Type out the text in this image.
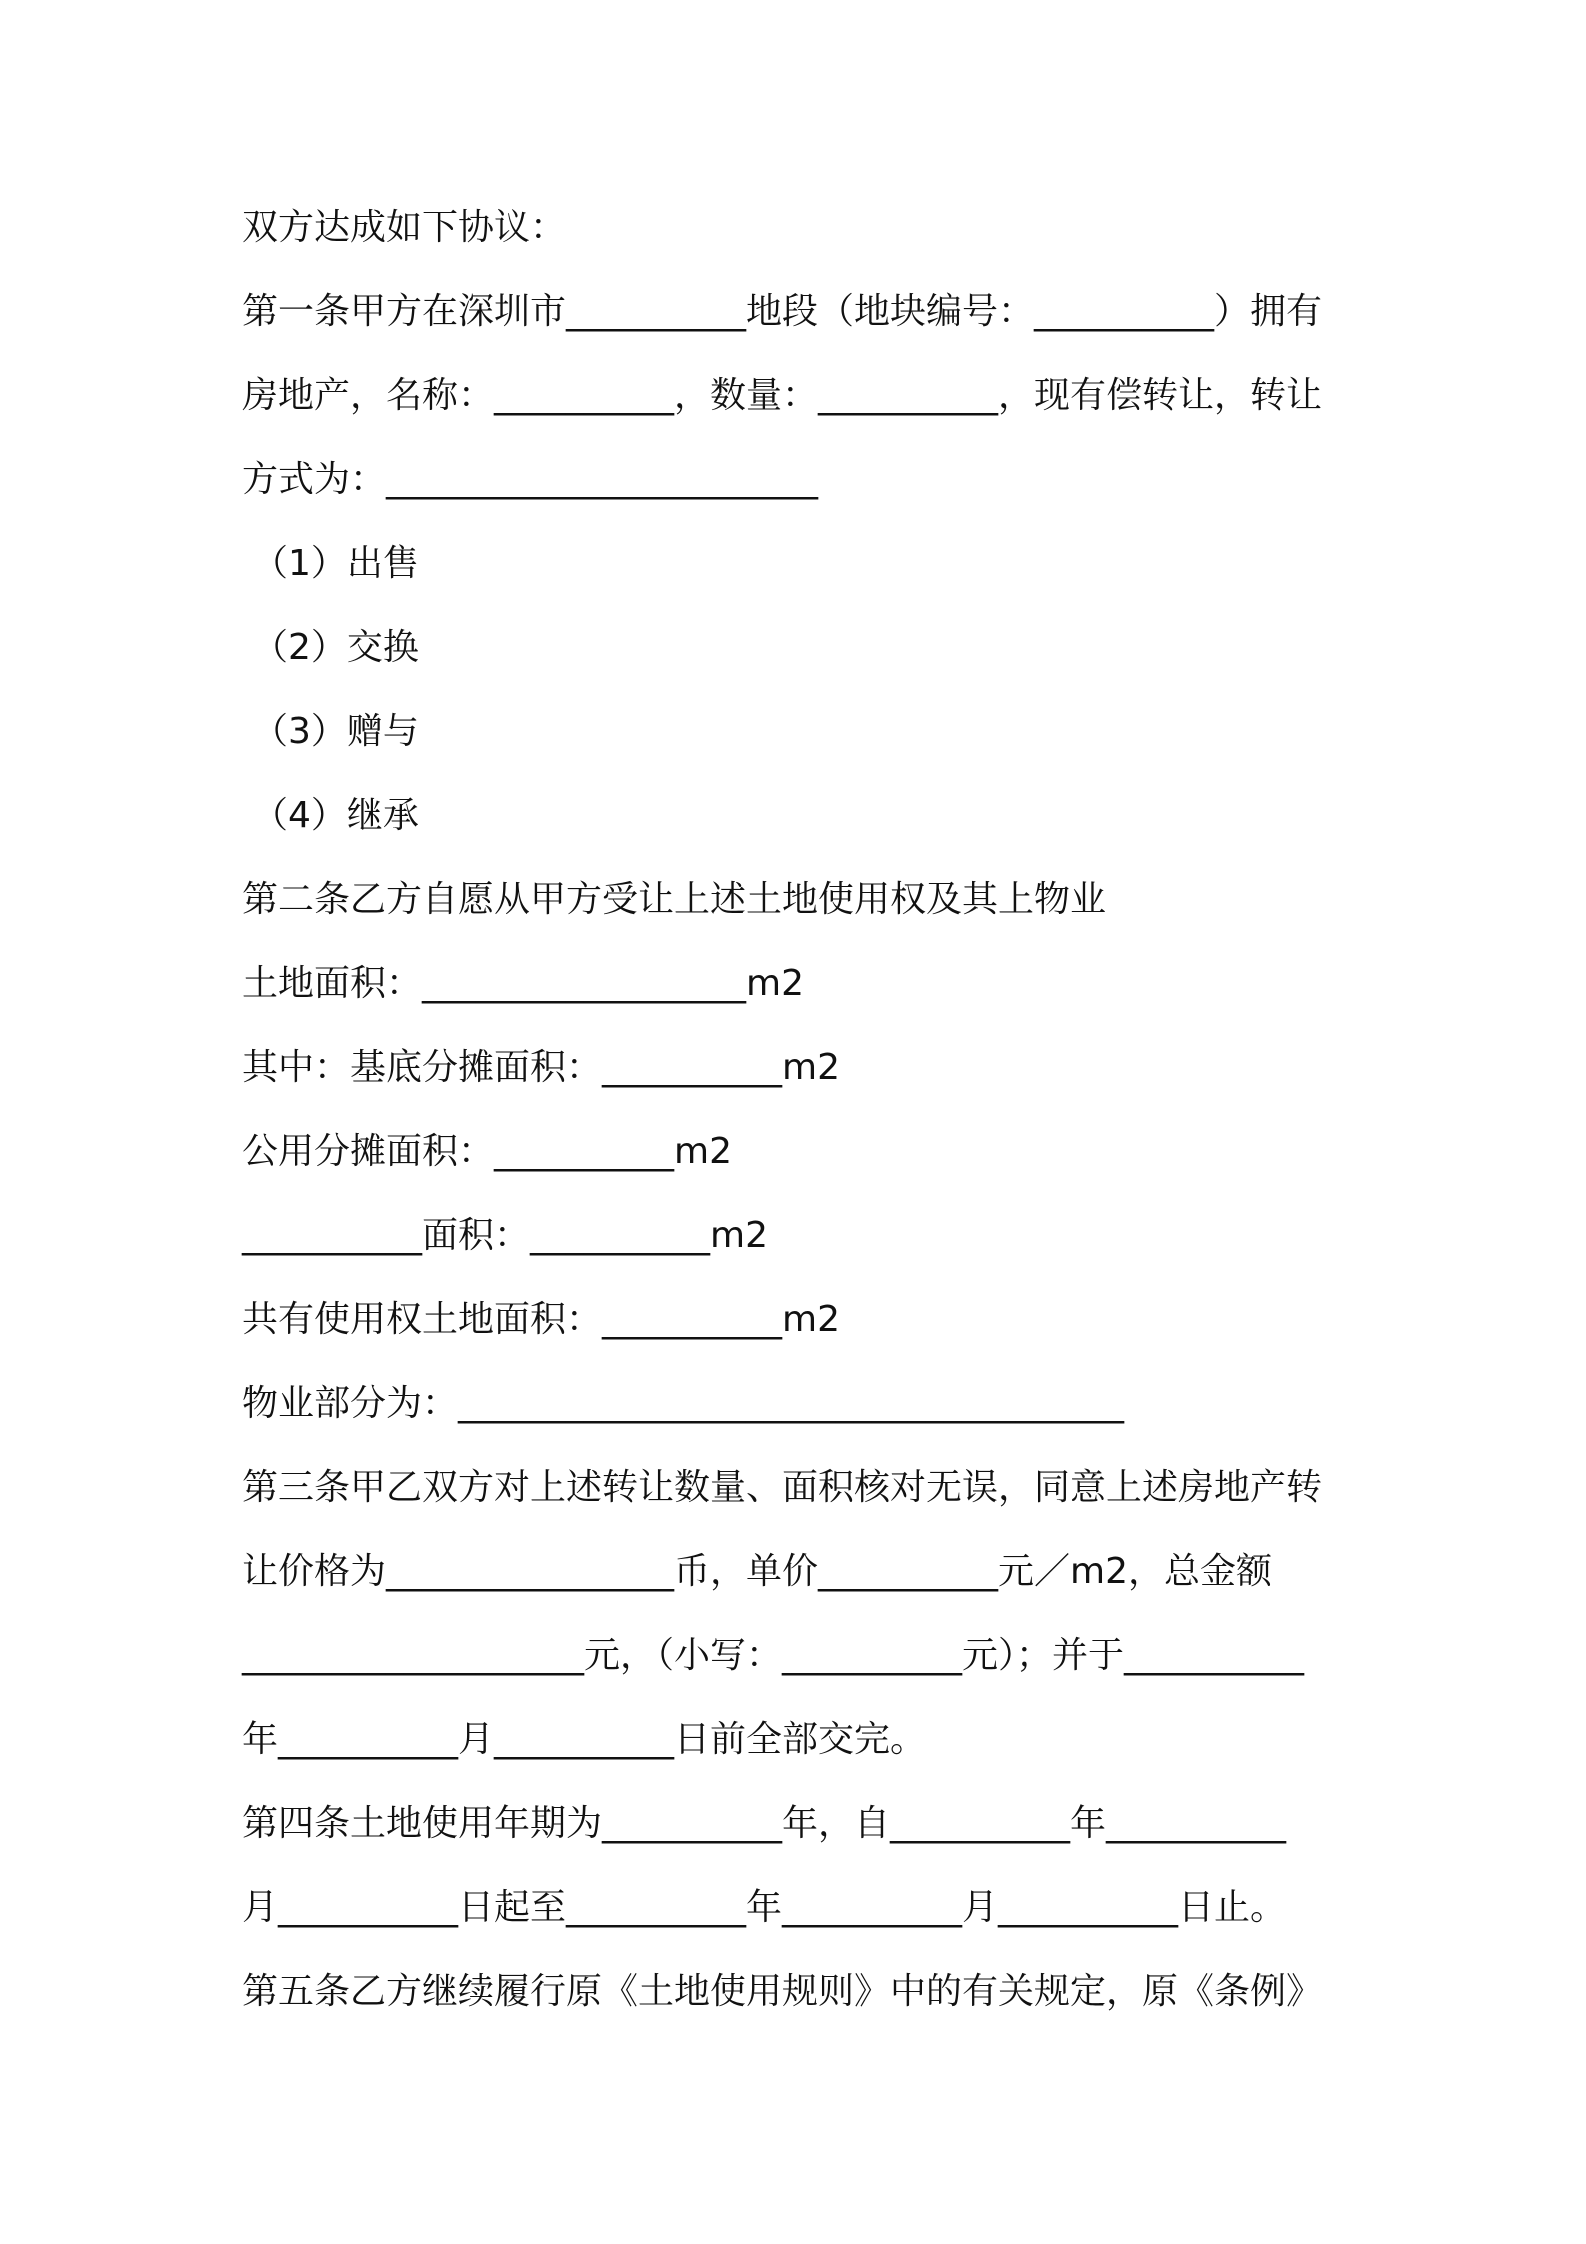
双方达成如下协议：
第一条甲方在深圳市__________地段（地块编号：__________）拥有
房地产，名称：__________，数量：__________，现有偿转让，转让
方式为：________________________
（1）出售
（2）交换
（3）赠与
（4）继承
第二条乙方自愿从甲方受让上述土地使用权及其上物业
土地面积：__________________m2
其中：基底分摊面积：__________m2
公用分摊面积：__________m2
__________面积：__________m2
共有使用权土地面积：__________m2
物业部分为：_____________________________________
第三条甲乙双方对上述转让数量、面积核对无误，同意上述房地产转
让价格为________________币，单价__________元／m2，总金额
___________________元，（小写：__________元）；并于__________
年__________月__________日前全部交完。
第四条土地使用年期为__________年，自__________年__________
月__________日起至__________年__________月__________日止。
第五条乙方继续履行原《土地使用规则》中的有关规定，原《条例》
